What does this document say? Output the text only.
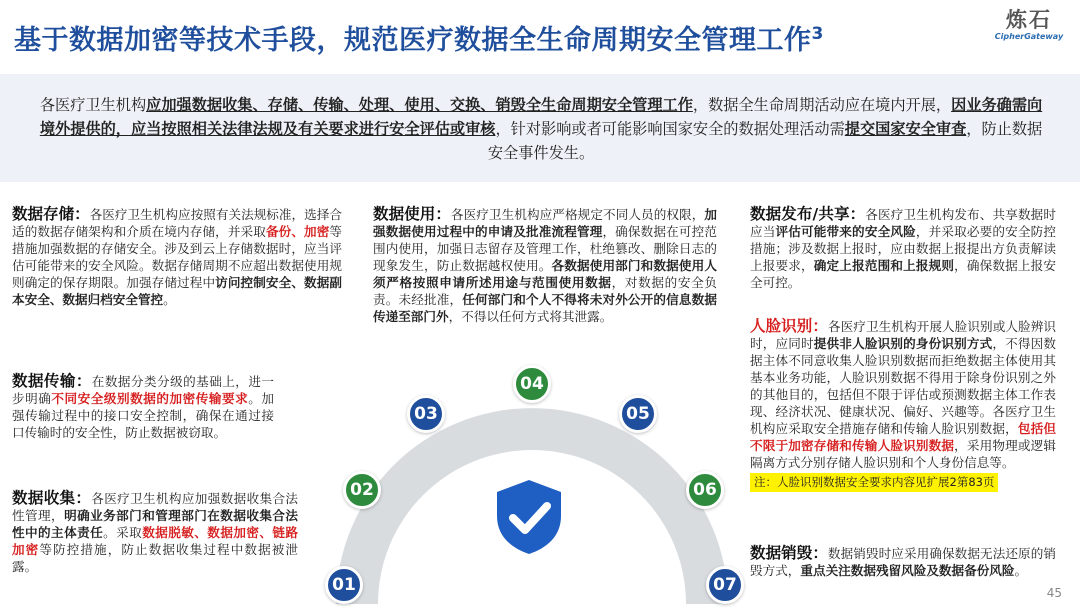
基于数据加密等技术手段，规范医疗数据全生命周期安全管理工作$^3$
炼石
CipherGateway
各医疗卫生机构应加强数据收集、存储、传输、处理、使用、交换、销毁全生命周期安全管理工作，数据全生命周期活动应在境内开展，因业务确需向境外提供的，应当按照相关法律法规及有关要求进行安全评估或审核，针对影响或者可能影响国家安全的数据处理活动需提交国家安全审查，防止数据安全事件发生。
01
02
03
04
05
06
07
数据存储：各医疗卫生机构应按照有关法规标准，选择合适的数据存储架构和介质在境内存储，并采取备份、加密等措施加强数据的存储安全。涉及到云上存储数据时，应当评估可能带来的安全风险。数据存储周期不应超出数据使用规则确定的保存期限。加强存储过程中访问控制安全、数据副本安全、数据归档安全管控。
数据传输：在数据分类分级的基础上，进一步明确不同安全级别数据的加密传输要求。加强传输过程中的接口安全控制，确保在通过接口传输时的安全性，防止数据被窃取。
数据收集：各医疗卫生机构应加强数据收集合法性管理，明确业务部门和管理部门在数据收集合法性中的主体责任。采取数据脱敏、数据加密、链路加密等防控措施，防止数据收集过程中数据被泄露。
数据使用：各医疗卫生机构应严格规定不同人员的权限，加强数据使用过程中的申请及批准流程管理，确保数据在可控范围内使用，加强日志留存及管理工作，杜绝篡改、删除日志的现象发生，防止数据越权使用。各数据使用部门和数据使用人须严格按照申请所述用途与范围使用数据，对数据的安全负责。未经批准，任何部门和个人不得将未对外公开的信息数据传递至部门外，不得以任何方式将其泄露。
数据发布/共享：各医疗卫生机构发布、共享数据时应当评估可能带来的安全风险，并采取必要的安全防控措施；涉及数据上报时，应由数据上报提出方负责解读上报要求，确定上报范围和上报规则，确保数据上报安全可控。
人脸识别：各医疗卫生机构开展人脸识别或人脸辨识时，应同时提供非人脸识别的身份识别方式，不得因数据主体不同意收集人脸识别数据而拒绝数据主体使用其基本业务功能，人脸识别数据不得用于除身份识别之外的其他目的，包括但不限于评估或预测数据主体工作表现、经济状况、健康状况、偏好、兴趣等。各医疗卫生机构应采取安全措施存储和传输人脸识别数据，包括但不限于加密存储和传输人脸识别数据，采用物理或逻辑隔离方式分别存储人脸识别和个人身份信息等。
注：人脸识别数据安全要求内容见扩展2第83页
数据销毁：数据销毁时应采用确保数据无法还原的销毁方式，重点关注数据残留风险及数据备份风险。
45
